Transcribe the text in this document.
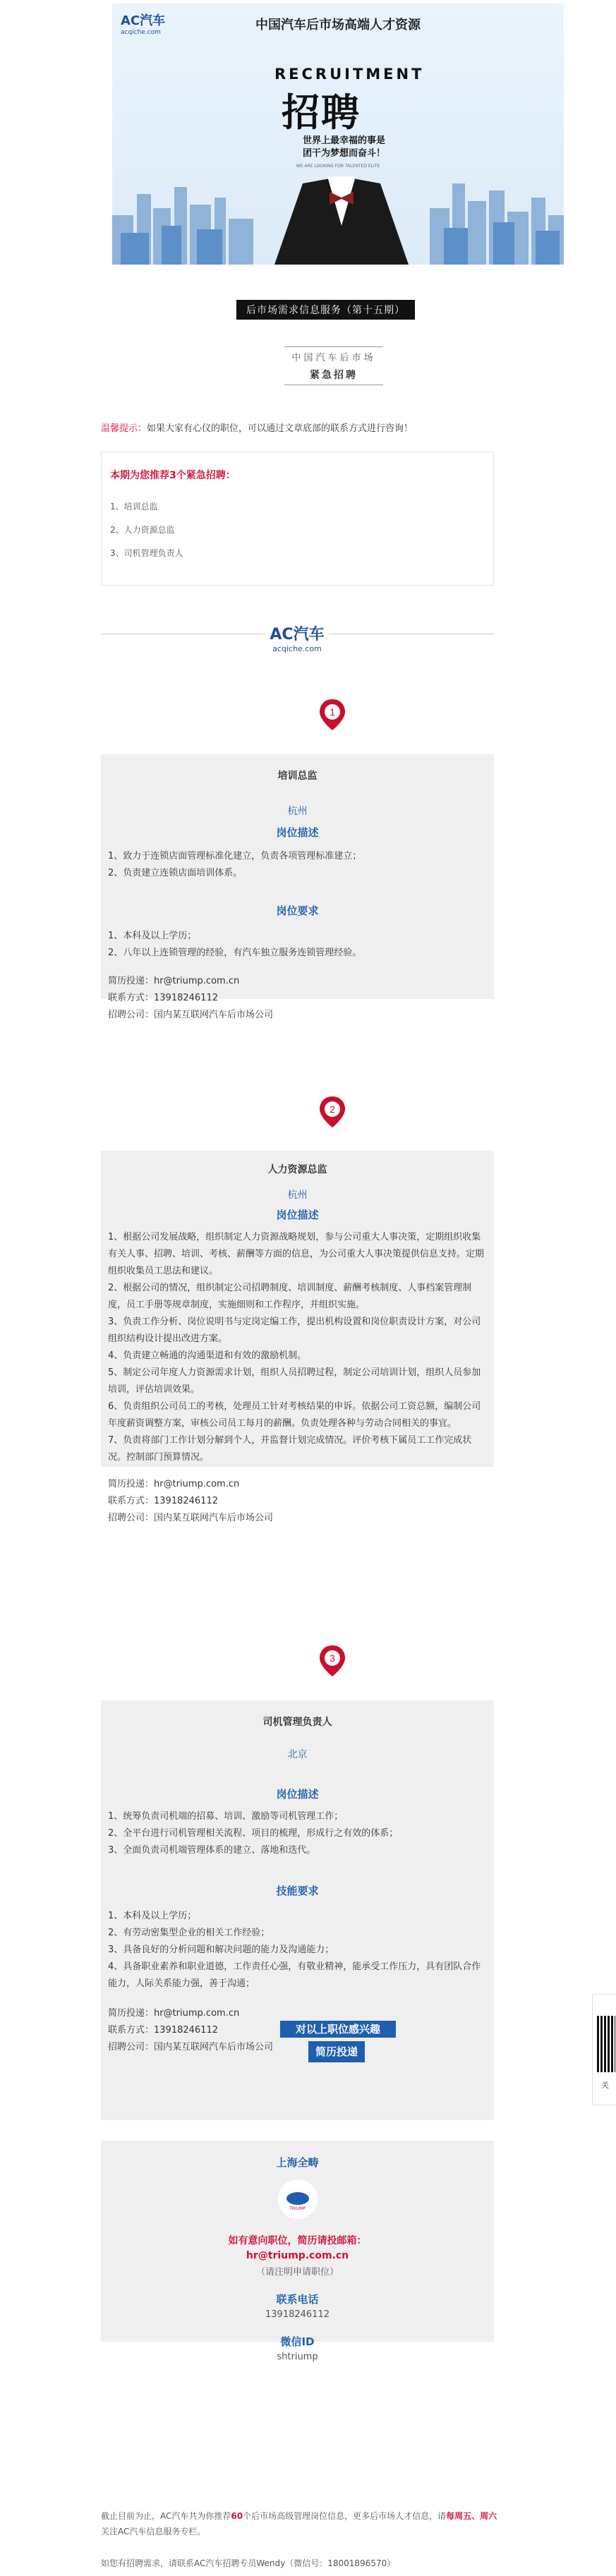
AC汽车
acqiche.com	中国汽车后市场高端人才资源
RECRUITMENT
招聘
世界上最幸福的事是
团干为梦想而奋斗！
WE ARE LOOKING FOR TALENTED ELITE
后市场需求信息服务（第十五期）
中国汽车后市场
紧急招聘
温馨提示：如果大家有心仪的职位，可以通过文章底部的联系方式进行咨询！
本期为您推荐3个紧急招聘：
1、培训总监
2、人力资源总监
3、司机管理负责人
AC汽车
acqiche.com
1
培训总监
杭州
岗位描述

1、致力于连锁店面管理标准化建立，负责各项管理标准建立；

2、负责建立连锁店面培训体系。

岗位要求

1、本科及以上学历；

2、八年以上连锁管理的经验，有汽车独立服务连锁管理经验。

简历投递：hr@triump.com.cn

联系方式：13918246112

招聘公司：国内某互联网汽车后市场公司

2
人力资源总监
杭州
岗位描述

1、根据公司发展战略，组织制定人力资源战略规划，参与公司重大人事决策，定期组织收集有关人事、招聘、培训、考核、薪酬等方面的信息，为公司重大人事决策提供信息支持。定期组织收集员工思法和建议。

2、根据公司的情况，组织制定公司招聘制度、培训制度、薪酬考核制度、人事档案管理制度，员工手册等规章制度，实施细则和工作程序，并组织实施。

3、负责工作分析、岗位说明书与定岗定编工作，提出机构设置和岗位职责设计方案，对公司组织结构设计提出改进方案。

4、负责建立畅通的沟通渠道和有效的激励机制。

5、制定公司年度人力资源需求计划，组织人员招聘过程，制定公司培训计划，组织人员参加培训，评估培训效果。

6、负责组织公司员工的考核，处理员工针对考核结果的申诉。依据公司工资总额，编制公司年度薪资调整方案，审核公司员工每月的薪酬。负责处理各种与劳动合同相关的事宜。

7、负责将部门工作计划分解到个人，并监督计划完成情况。评价考核下属员工工作完成状况。控制部门预算情况。

简历投递：hr@triump.com.cn

联系方式：13918246112

招聘公司：国内某互联网汽车后市场公司

3
司机管理负责人
北京
岗位描述

1、统筹负责司机端的招募、培训、激励等司机管理工作；

2、全平台进行司机管理相关流程、项目的梳理，形成行之有效的体系；

3、全面负责司机端管理体系的建立、落地和迭代。

技能要求

1、本科及以上学历；

2、有劳动密集型企业的相关工作经验；

3、具备良好的分析问题和解决问题的能力及沟通能力；

4、具备职业素养和职业道德，工作责任心强，有敬业精神，能承受工作压力，具有团队合作能力，人际关系能力强，善于沟通；

简历投递：hr@triump.com.cn

联系方式：13918246112

招聘公司：国内某互联网汽车后市场公司

对以上职位感兴趣
简历投递
上海全畴
TRIUMP
如有意向职位，简历请投邮箱：
hr@triump.com.cn
（请注明申请职位）
联系电话
13918246112
微信ID
shtriump
截止目前为止，AC汽车共为你推荐60个后市场高级管理岗位信息，更多后市场人才信息，请每周五、周六
关注AC汽车信息服务专栏。
如您有招聘需求，请联系AC汽车招聘专员Wendy（微信号：18001896570）
关
